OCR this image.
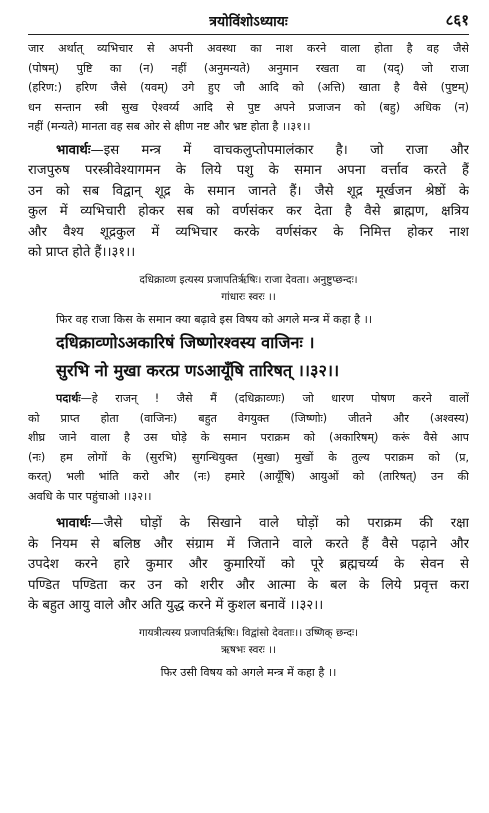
त्रयोविंशोऽध्यायः	८६१
जार अर्थात् व्यभिचार से अपनी अवस्था का नाश करने वाला होता है वह जैसे
(पोषम्) पुष्टि का (न) नहीं (अनुमन्यते) अनुमान रखता वा (यद्) जो राजा
(हरिण:) हरिण जैसे (यवम्) उगे हुए जौ आदि को (अत्ति) खाता है वैसे (पुष्टम्)
धन सन्तान स्त्री सुख ऐश्वर्य्य आदि से पुष्ट अपने प्रजाजन को (बहु) अधिक (न)
नहीं (मन्यते) मानता वह सब ओर से क्षीण नष्ट और भ्रष्ट होता है ।।३१।।
भावार्थः—इस मन्त्र में वाचकलुप्तोपमालंकार है। जो राजा और
राजपुरुष परस्त्रीवेश्यागमन के लिये पशु के समान अपना वर्त्ताव करते हैं
उन को सब विद्वान् शूद्र के समान जानते हैं। जैसे शूद्र मूर्खजन श्रेष्ठों के
कुल में व्यभिचारी होकर सब को वर्णसंकर कर देता है वैसे ब्राह्मण, क्षत्रिय
और वैश्य शूद्रकुल में व्यभिचार करके वर्णसंकर के निमित्त होकर नाश
को प्राप्त होते हैं।।३१।।
दधिक्राव्ण इत्यस्य प्रजापतिर्ऋषिः। राजा देवता। अनुष्टुप्छन्दः।
गांधारः स्वरः ।।
फिर वह राजा किस के समान क्या बढ़ावे इस विषय को अगले मन्त्र में कहा है ।।
दधिक्राव्णोऽअकारिषं जिष्णोरश्वस्य वाजिनः ।
सुरभि नो मुखा करत्प्र णऽआयूँषि तारिषत् ।।३२।।
पदार्थः—हे राजन् ! जैसे मैं (दधिक्राव्णः) जो धारण पोषण करने वालों
को प्राप्त होता (वाजिनः) बहुत वेगयुक्त (जिष्णोः) जीतने और (अश्वस्य)
शीघ्र जाने वाला है उस घोड़े के समान पराक्रम को (अकारिषम्) करूं वैसे आप
(नः) हम लोगों के (सुरभि) सुगन्धियुक्त (मुखा) मुखों के तुल्य पराक्रम को (प्र,
करत्) भली भांति करो और (नः) हमारे (आयूँषि) आयुओं को (तारिषत्) उन की
अवधि के पार पहुंचाओ ।।३२।।
भावार्थः—जैसे घोड़ों के सिखाने वाले घोड़ों को पराक्रम की रक्षा
के नियम से बलिष्ठ और संग्राम में जिताने वाले करते हैं वैसे पढ़ाने और
उपदेश करने हारे कुमार और कुमारियों को पूरे ब्रह्मचर्य्य के सेवन से
पण्डित पण्डिता कर उन को शरीर और आत्मा के बल के लिये प्रवृत्त करा
के बहुत आयु वाले और अति युद्ध करने में कुशल बनावें ।।३२।।
गायत्रीत्यस्य प्रजापतिर्ऋषिः। विद्वांसो देवताः।। उष्णिक् छन्दः।
ऋषभः स्वरः ।।
फिर उसी विषय को अगले मन्त्र में कहा है ।।
